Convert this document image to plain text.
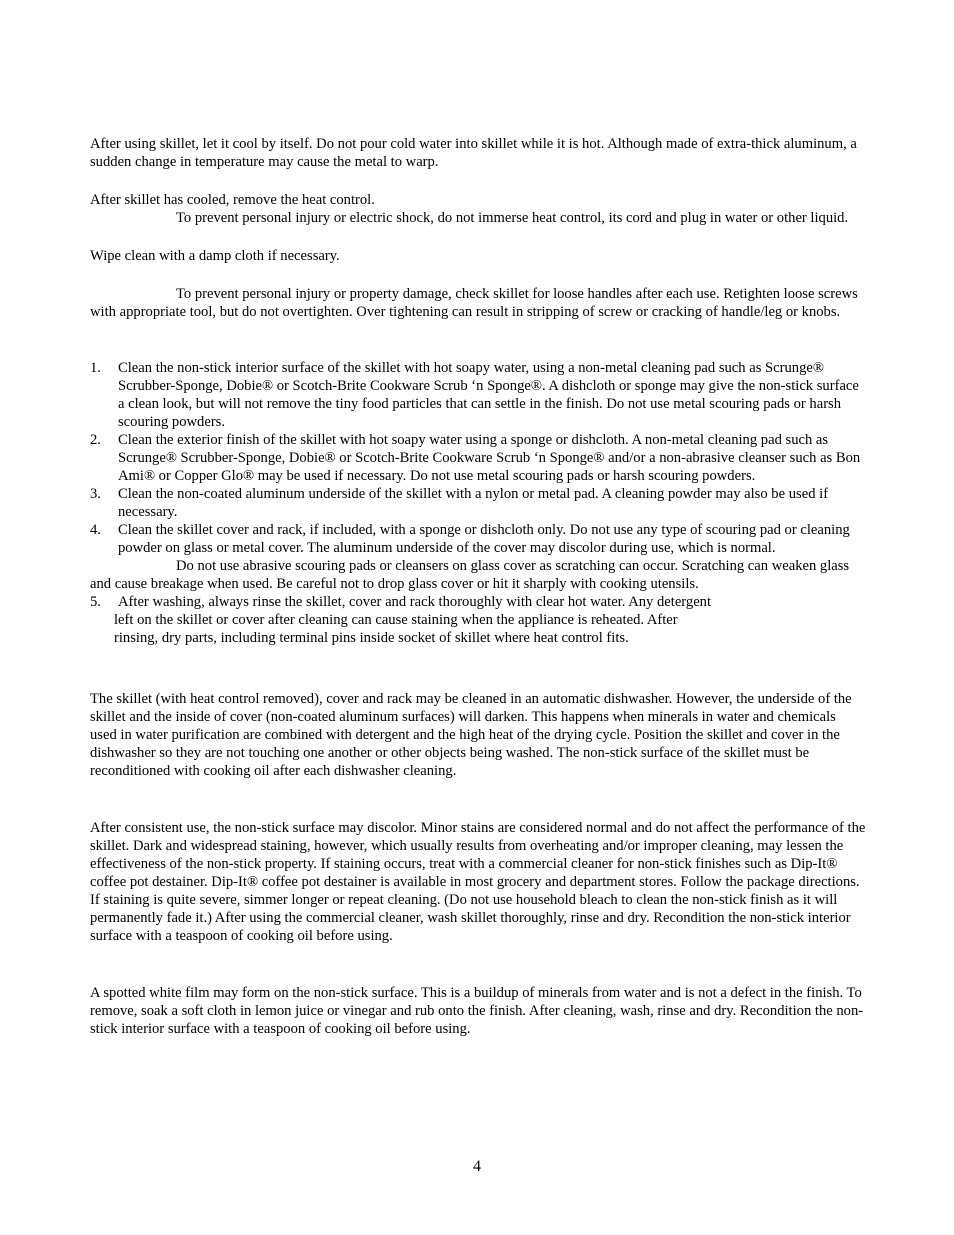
After using skillet, let it cool by itself. Do not pour cold water into skillet while it is hot. Although made of extra-thick aluminum, a sudden change in temperature may cause the metal to warp.

After skillet has cooled, remove the heat control.

To prevent personal injury or electric shock, do not immerse heat control, its cord and plug in water or other liquid.

Wipe clean with a damp cloth if necessary.

To prevent personal injury or property damage, check skillet for loose handles after each use. Retighten loose screws with appropriate tool, but do not overtighten. Over tightening can result in stripping of screw or cracking of handle/leg or knobs.

1. Clean the non-stick interior surface of the skillet with hot soapy water, using a non-metal cleaning pad such as Scrunge® Scrubber-Sponge, Dobie® or Scotch-Brite Cookware Scrub ‘n Sponge®. A dishcloth or sponge may give the non-stick surface a clean look, but will not remove the tiny food particles that can settle in the finish. Do not use metal scouring pads or harsh scouring powders.
2. Clean the exterior finish of the skillet with hot soapy water using a sponge or dishcloth. A non-metal cleaning pad such as Scrunge® Scrubber-Sponge, Dobie® or Scotch-Brite Cookware Scrub ‘n Sponge® and/or a non-abrasive cleanser such as Bon Ami® or Copper Glo® may be used if necessary. Do not use metal scouring pads or harsh scouring powders.
3. Clean the non-coated aluminum underside of the skillet with a nylon or metal pad. A cleaning powder may also be used if necessary.
4. Clean the skillet cover and rack, if included, with a sponge or dishcloth only. Do not use any type of scouring pad or cleaning powder on glass or metal cover. The aluminum underside of the cover may discolor during use, which is normal.

Do not use abrasive scouring pads or cleansers on glass cover as scratching can occur. Scratching can weaken glass and cause breakage when used. Be careful not to drop glass cover or hit it sharply with cooking utensils.

5. After washing, always rinse the skillet, cover and rack thoroughly with clear hot water. Any detergent
left on the skillet or cover after cleaning can cause staining when the appliance is reheated. After
rinsing, dry parts, including terminal pins inside socket of skillet where heat control fits.

The skillet (with heat control removed), cover and rack may be cleaned in an automatic dishwasher. However, the underside of the skillet and the inside of cover (non-coated aluminum surfaces) will darken. This happens when minerals in water and chemicals used in water purification are combined with detergent and the high heat of the drying cycle. Position the skillet and cover in the dishwasher so they are not touching one another or other objects being washed. The non-stick surface of the skillet must be reconditioned with cooking oil after each dishwasher cleaning.

After consistent use, the non-stick surface may discolor. Minor stains are considered normal and do not affect the performance of the skillet. Dark and widespread staining, however, which usually results from overheating and/or improper cleaning, may lessen the effectiveness of the non-stick property. If staining occurs, treat with a commercial cleaner for non-stick finishes such as Dip-It® coffee pot destainer. Dip-It® coffee pot destainer is available in most grocery and department stores. Follow the package directions. If staining is quite severe, simmer longer or repeat cleaning. (Do not use household bleach to clean the non-stick finish as it will permanently fade it.) After using the commercial cleaner, wash skillet thoroughly, rinse and dry. Recondition the non-stick interior surface with a teaspoon of cooking oil before using.

A spotted white film may form on the non-stick surface. This is a buildup of minerals from water and is not a defect in the finish. To remove, soak a soft cloth in lemon juice or vinegar and rub onto the finish. After cleaning, wash, rinse and dry. Recondition the non-stick interior surface with a teaspoon of cooking oil before using.

4
